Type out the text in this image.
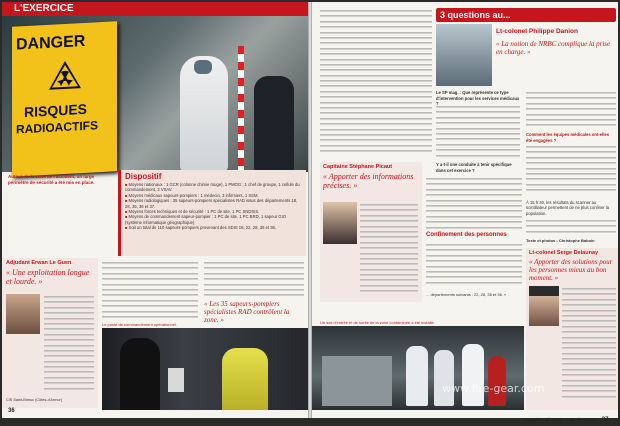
L'EXERCICE
DANGER
RISQUES
RADIOACTIFS
Autour de la zone de l'accident, un large périmètre de sécurité a été mis en place.
Dispositif
■ Moyens nationaux : 1 GCR (colonne chimie rouge), 1 PMOG ; 1 chef de groupe, 1 cellule du commandement, 2 VSAV.
■ Moyens médicaux sapeurs-pompiers : 1 médecin, 3 infirmiers, 1 SSM.
■ Moyens radiologiques : 35 sapeurs-pompiers spécialistes RAD issus des départements 18, 28, 35, 36 et 37.
■ Moyens forces techniques et de sécurité : 1 PC de site, 1 PC SNDSIS.
■ Moyens de commandement sapeur-pompier : 1 PC de site, 1 PC BRD, 1 sapeur GIO (système informatique géographique)
■ Soit un total de 110 sapeurs-pompiers provenant des SDIS 18, 22, 28, 35 et 36.
Adjudant Erwan Le Guen
« Une exploitation longue et lourde. »
CIS Saint-Brieuc (Côtes-d'Armor)
« Les 35 sapeurs-pompiers spécialistes RAD contrôlent la zone. »
Le poste de commandement opérationnel.
36
3 questions au...
Lt-colonel Philippe Danion
« La notion de NRBC complique la prise en charge. »
Le SP mag. : Que représente ce type d'intervention pour les services médicaux
Y a-t-il une conduite à tenir spécifique dans cet exercice ?
Comment les équipes médicales ont-elles été engagées ?
Capitaine Stéphane Picaut
« Apporter des informations précises. »
Confinement des personnes
... départements suivants : 22, 28, 35 et 36. »
À 15 h 30, les résultats du scanner au scintillateur permettent de ne plus confiner la population.
Texte et photos : Christophe Baboin
Lt-colonel Serge Delaunay
« Apporter des solutions pour les personnes mieux au bon moment. »
Un sas d'entrée et de sortie de la zone contaminée a été installé.
magazine N° 1036 Janvier 2010 37
www.fire-gear.com
